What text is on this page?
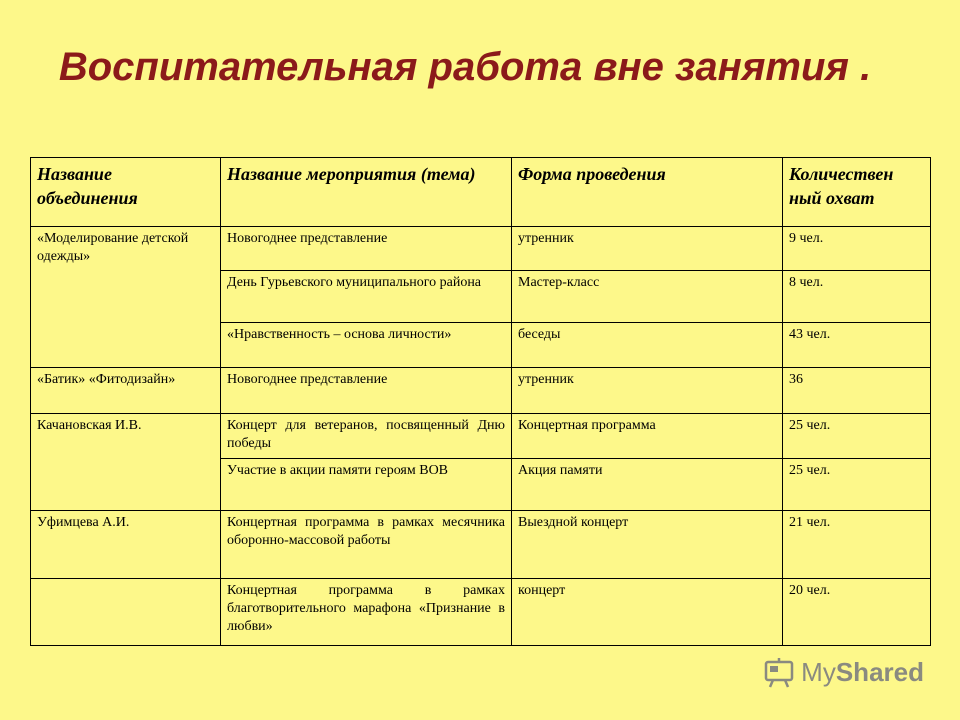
Воспитательная работа вне занятия .
Название объединения	Название мероприятия (тема)	Форма проведения	Количествен ный охват
«Моделирование детской одежды»	Новогоднее представление	утренник	9 чел.
	День Гурьевского муниципального района	Мастер-класс	8 чел.
	«Нравственность – основа личности»	беседы	43 чел.
«Батик» «Фитодизайн»	Новогоднее представление	утренник	36
Качановская И.В.	Концерт для ветеранов, посвященный Дню победы	Концертная программа	25 чел.
	Участие в акции памяти героям ВОВ	Акция памяти	25 чел.
Уфимцева А.И.	Концертная программа в рамках месячника оборонно-массовой работы	Выездной концерт	21 чел.
	Концертная программа в рамках благотворительного марафона «Признание в любви»	концерт	20 чел.
My Shared
